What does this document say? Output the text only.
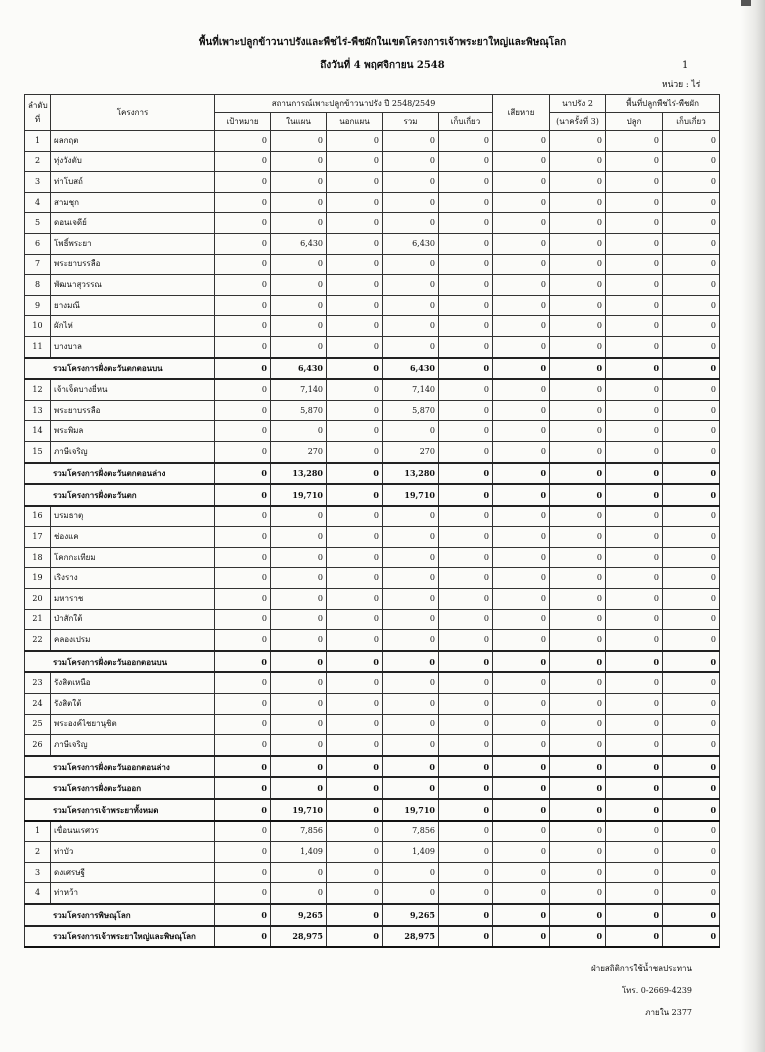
พื้นที่เพาะปลูกข้าวนาปรังและพืชไร่-พืชผักในเขตโครงการเจ้าพระยาใหญ่และพิษณุโลก
ถึงวันที่ 4 พฤศจิกายน 2548	1
หน่วย : ไร่
ลำดับที่	โครงการ	สถานการณ์เพาะปลูกข้าวนาปรัง ปี 2548/2549					เสียหาย	นาปรัง 2	พื้นที่ปลูกพืชไร่-พืชผัก	
		เป้าหมาย	ในแผน	นอกแผน	รวม	เก็บเกี่ยว		(นาครั้งที่ 3)	ปลูก	เก็บเกี่ยว
1	ผลกฤต	0	0	0	0	0	0	0	0	0
2	ทุ่งวังตับ	0	0	0	0	0	0	0	0	0
3	ท่าโบสถ์	0	0	0	0	0	0	0	0	0
4	สามชุก	0	0	0	0	0	0	0	0	0
5	ดอนเจดีย์	0	0	0	0	0	0	0	0	0
6	โพธิ์พระยา	0	6,430	0	6,430	0	0	0	0	0
7	พระยาบรรลือ	0	0	0	0	0	0	0	0	0
8	พัฒนาสุวรรณ	0	0	0	0	0	0	0	0	0
9	ยางมณี	0	0	0	0	0	0	0	0	0
10	ผักไห่	0	0	0	0	0	0	0	0	0
11	บางบาล	0	0	0	0	0	0	0	0	0
รวมโครงการฝั่งตะวันตกตอนบน		0	6,430	0	6,430	0	0	0	0	0
12	เจ้าเจ็ดบางยี่หน	0	7,140	0	7,140	0	0	0	0	0
13	พระยาบรรลือ	0	5,870	0	5,870	0	0	0	0	0
14	พระพิมล	0	0	0	0	0	0	0	0	0
15	ภาษีเจริญ	0	270	0	270	0	0	0	0	0
รวมโครงการฝั่งตะวันตกตอนล่าง		0	13,280	0	13,280	0	0	0	0	0
รวมโครงการฝั่งตะวันตก		0	19,710	0	19,710	0	0	0	0	0
16	บรมธาตุ	0	0	0	0	0	0	0	0	0
17	ช่องแค	0	0	0	0	0	0	0	0	0
18	โคกกะเทียม	0	0	0	0	0	0	0	0	0
19	เริงราง	0	0	0	0	0	0	0	0	0
20	มหาราช	0	0	0	0	0	0	0	0	0
21	ป่าสักใต้	0	0	0	0	0	0	0	0	0
22	คลองเปรม	0	0	0	0	0	0	0	0	0
รวมโครงการฝั่งตะวันออกตอนบน		0	0	0	0	0	0	0	0	0
23	รังสิตเหนือ	0	0	0	0	0	0	0	0	0
24	รังสิตใต้	0	0	0	0	0	0	0	0	0
25	พระองค์ไชยานุชิต	0	0	0	0	0	0	0	0	0
26	ภาษีเจริญ	0	0	0	0	0	0	0	0	0
รวมโครงการฝั่งตะวันออกตอนล่าง		0	0	0	0	0	0	0	0	0
รวมโครงการฝั่งตะวันออก		0	0	0	0	0	0	0	0	0
รวมโครงการเจ้าพระยาทั้งหมด		0	19,710	0	19,710	0	0	0	0	0
1	เขื่อนนเรศวร	0	7,856	0	7,856	0	0	0	0	0
2	ท่าบัว	0	1,409	0	1,409	0	0	0	0	0
3	ดงเศรษฐี	0	0	0	0	0	0	0	0	0
4	ท่าหว้า	0	0	0	0	0	0	0	0	0
รวมโครงการพิษณุโลก		0	9,265	0	9,265	0	0	0	0	0
รวมโครงการเจ้าพระยาใหญ่และพิษณุโลก		0	28,975	0	28,975	0	0	0	0	0
ฝ่ายสถิติการใช้น้ำชลประทาน
โทร. 0-2669-4239
ภายใน 2377
